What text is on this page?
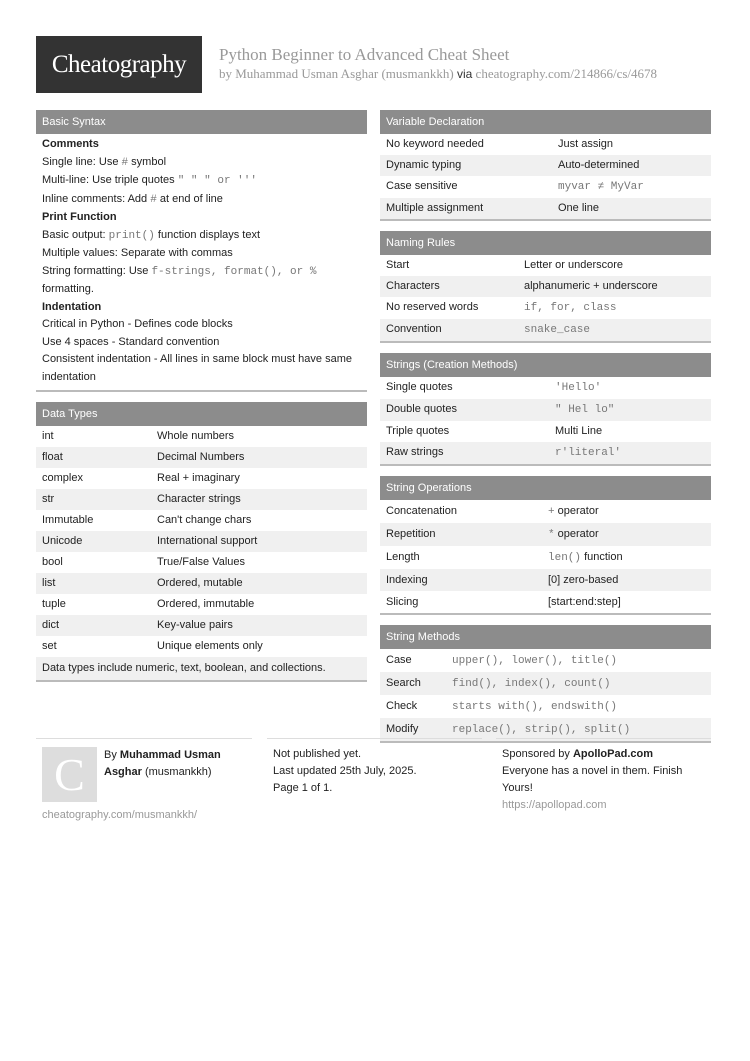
Cheatography Python Beginner to Advanced Cheat Sheet
by Muhammad Usman Asghar (musmankkh) via cheatography.com/214866/cs/4678
Basic Syntax
Comments
Single line: Use # symbol
Multi-line: Use triple quotes " " " or '''
Inline comments: Add # at end of line
Print Function
Basic output: print() function displays text
Multiple values: Separate with commas
String formatting: Use f-strings, format(), or % formatting.
Indentation
Critical in Python - Defines code blocks
Use 4 spaces - Standard convention
Consistent indentation - All lines in same block must have same indentation
Data Types
int	Whole numbers
float	Decimal Numbers
complex	Real + imaginary
str	Character strings
Immutable	Can't change chars
Unicode	International support
bool	True/False Values
list	Ordered, mutable
tuple	Ordered, immutable
dict	Key-value pairs
set	Unique elements only
Data types include numeric, text, boolean, and collections.
Variable Declaration
No keyword needed	Just assign
Dynamic typing	Auto-determined
Case sensitive	myvar ≠ MyVar
Multiple assignment	One line
Naming Rules
Start	Letter or underscore
Characters	alphanumeric + underscore
No reserved words	if, for, class
Convention	snake_case
Strings (Creation Methods)
Single quotes	'Hello'
Double quotes	" Hel lo"
Triple quotes	Multi Line
Raw strings	r'literal'
String Operations
Concatenation	+ operator
Repetition	* operator
Length	len() function
Indexing	[0] zero-based
Slicing	[start:end:step]
String Methods
Case	upper(), lower(), title()
Search	find(), index(), count()
Check	starts with(), endswith()
Modify	replace(), strip(), split()
C By Muhammad Usman
Asghar (musmankkh)
cheatography.com/musmankkh/
Not published yet.
Last updated 25th July, 2025.
Page 1 of 1.
Sponsored by ApolloPad.com
Everyone has a novel in them. Finish Yours!
https://apollopad.com
